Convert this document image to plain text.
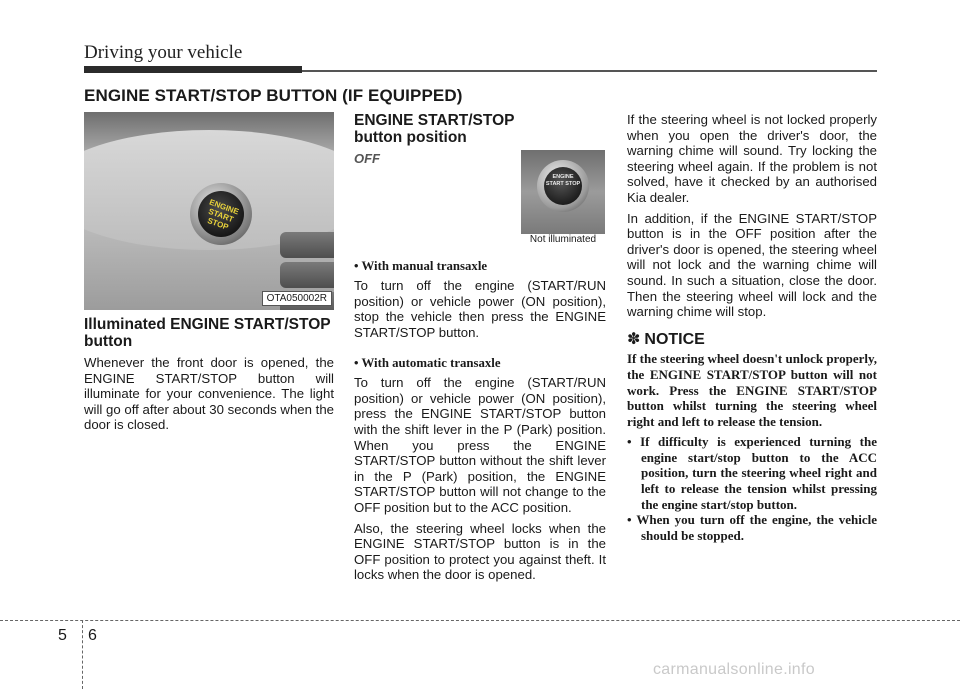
Driving your vehicle
ENGINE START/STOP BUTTON (IF EQUIPPED)
ENGINE START STOP
OTA050002R
Illuminated ENGINE START/STOP button

Whenever the front door is opened, the ENGINE START/STOP button will illuminate for your convenience. The light will go off after about 30 seconds when the door is closed.

ENGINE START/STOP button position
OFF
ENGINE START STOP
Not illuminated
• With manual transaxle

To turn off the engine (START/RUN position) or vehicle power (ON position), stop the vehicle then press the ENGINE START/STOP button.

• With automatic transaxle

To turn off the engine (START/RUN position) or vehicle power (ON position), press the ENGINE START/STOP button with the shift lever in the P (Park) position. When you press the ENGINE START/STOP button without the shift lever in the P (Park) position, the ENGINE START/STOP button will not change to the OFF position but to the ACC position.

Also, the steering wheel locks when the ENGINE START/STOP button is in the OFF position to protect you against theft. It locks when the door is opened.

If the steering wheel is not locked properly when you open the driver's door, the warning chime will sound. Try locking the steering wheel again. If the problem is not solved, have it checked by an authorised Kia dealer.

In addition, if the ENGINE START/STOP button is in the OFF position after the driver's door is opened, the steering wheel will not lock and the warning chime will sound. In such a situation, close the door. Then the steering wheel will lock and the warning chime will stop.

✽ NOTICE

If the steering wheel doesn't unlock properly, the ENGINE START/STOP button will not work. Press the ENGINE START/STOP button whilst turning the steering wheel right and left to release the tension.

• If difficulty is experienced turning the engine start/stop button to the ACC position, turn the steering wheel right and left to release the tension whilst pressing the engine start/stop button.
• When you turn off the engine, the vehicle should be stopped.
5 6
carmanualsonline.info
